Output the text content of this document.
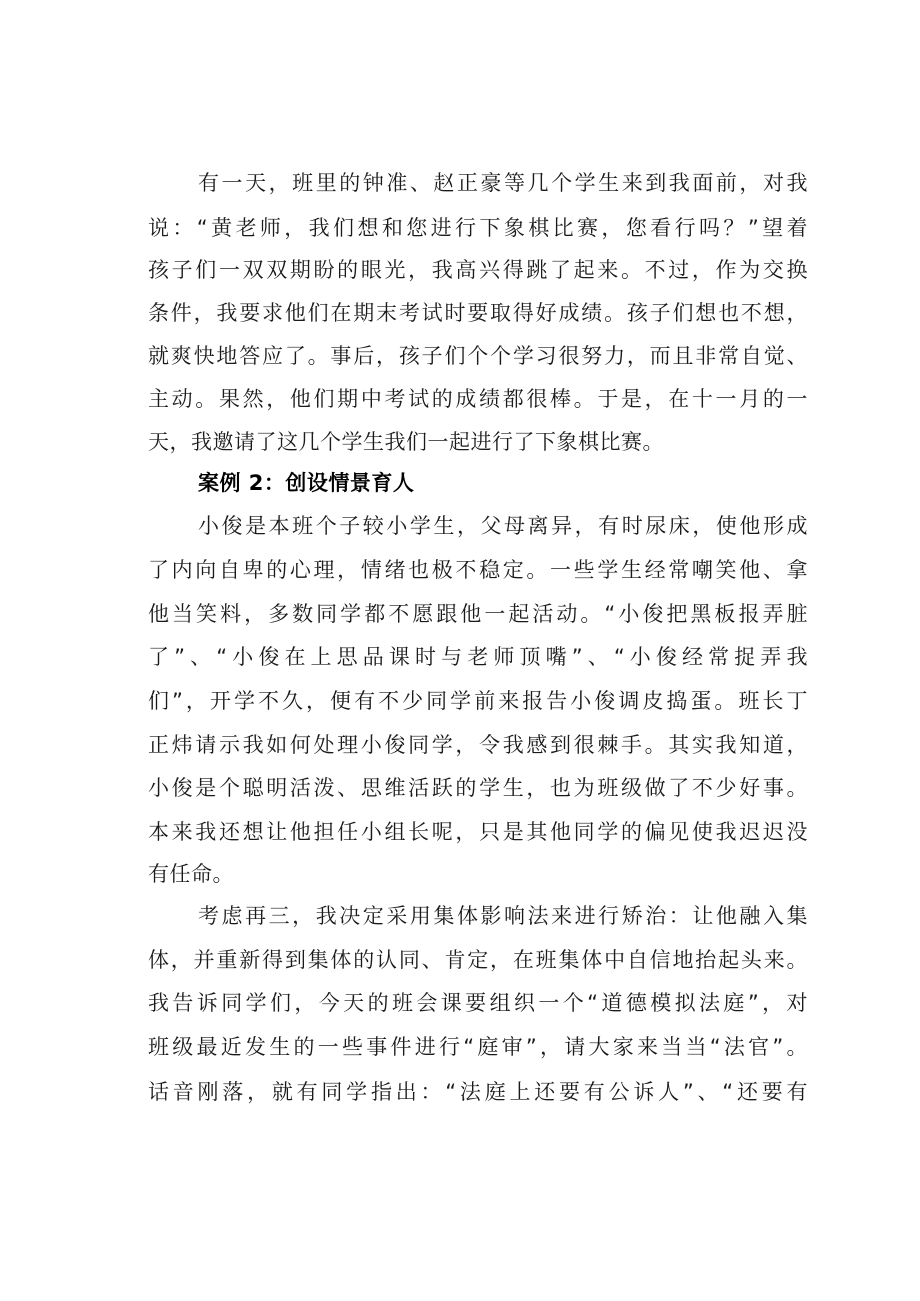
有一天，班里的钟准、赵正豪等几个学生来到我面前，对我
说：“黄老师，我们想和您进行下象棋比赛，您看行吗？”望着
孩子们一双双期盼的眼光，我高兴得跳了起来。不过，作为交换
条件，我要求他们在期末考试时要取得好成绩。孩子们想也不想，
就爽快地答应了。事后，孩子们个个学习很努力，而且非常自觉、
主动。果然，他们期中考试的成绩都很棒。于是，在十一月的一
天，我邀请了这几个学生我们一起进行了下象棋比赛。
案例 2：创设情景育人
小俊是本班个子较小学生，父母离异，有时尿床，使他形成
了内向自卑的心理，情绪也极不稳定。一些学生经常嘲笑他、拿
他当笑料，多数同学都不愿跟他一起活动。“小俊把黑板报弄脏
了”、“小俊在上思品课时与老师顶嘴”、“小俊经常捉弄我
们”，开学不久，便有不少同学前来报告小俊调皮捣蛋。班长丁
正炜请示我如何处理小俊同学，令我感到很棘手。其实我知道，
小俊是个聪明活泼、思维活跃的学生，也为班级做了不少好事。
本来我还想让他担任小组长呢，只是其他同学的偏见使我迟迟没
有任命。
考虑再三，我决定采用集体影响法来进行矫治：让他融入集
体，并重新得到集体的认同、肯定，在班集体中自信地抬起头来。
我告诉同学们，今天的班会课要组织一个“道德模拟法庭”，对
班级最近发生的一些事件进行“庭审”，请大家来当当“法官”。
话音刚落，就有同学指出：“法庭上还要有公诉人”、“还要有
